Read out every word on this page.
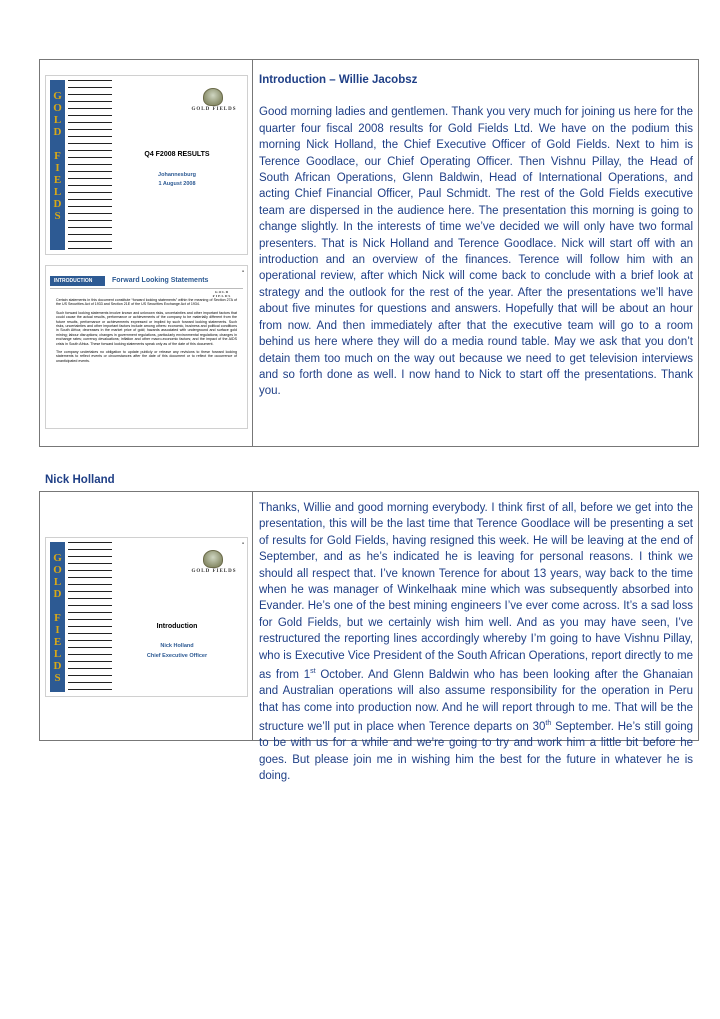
G
O
L
D

F
I
E
L
D
S
GOLD FIELDS
Q4 F2008 RESULTS
Johannesburg
1 August 2008
■
INTRODUCTION	Forward Looking Statements
GOLD FIELDS

Certain statements in this document constitute “forward looking statements” within the meaning of Section 27A of the US Securities Act of 1933 and Section 21E of the US Securities Exchange Act of 1934.

Such forward looking statements involve known and unknown risks, uncertainties and other important factors that could cause the actual results, performance or achievements of the company to be materially different from the future results, performance or achievements expressed or implied by such forward looking statements. Such risks, uncertainties and other important factors include among others: economic, business and political conditions in South Africa; decreases in the market price of gold; hazards associated with underground and surface gold mining; labour disruptions; changes in government regulations, particularly environmental regulations; changes in exchange rates; currency devaluations; inflation and other macro-economic factors; and the impact of the AIDS crisis in South Africa. These forward looking statements speak only as of the date of this document.

The company undertakes no obligation to update publicly or release any revisions to these forward looking statements to reflect events or circumstances after the date of this document or to reflect the occurrence of unanticipated events.

Introduction – Willie Jacobsz
Good morning ladies and gentlemen. Thank you very much for joining us here for the quarter four fiscal 2008 results for Gold Fields Ltd. We have on the podium this morning Nick Holland, the Chief Executive Officer of Gold Fields. Next to him is Terence Goodlace, our Chief Operating Officer. Then Vishnu Pillay, the Head of South African Operations, Glenn Baldwin, Head of International Operations, and acting Chief Financial Officer, Paul Schmidt. The rest of the Gold Fields executive team are dispersed in the audience here. The presentation this morning is going to change slightly. In the interests of time we’ve decided we will only have two formal presenters. That is Nick Holland and Terence Goodlace. Nick will start off with an introduction and an overview of the finances. Terence will follow him with an operational review, after which Nick will come back to conclude with a brief look at strategy and the outlook for the rest of the year. After the presentations we’ll have about five minutes for questions and answers. Hopefully that will be about an hour from now. And then immediately after that the executive team will go to a room behind us here where they will do a media round table. May we ask that you don’t detain them too much on the way out because we need to get television interviews and so forth done as well. I now hand to Nick to start off the presentations. Thank you.
Nick Holland
■
G
O
L
D

F
I
E
L
D
S
GOLD FIELDS
Introduction
Nick Holland
Chief Executive Officer
Thanks, Willie and good morning everybody. I think first of all, before we get into the presentation, this will be the last time that Terence Goodlace will be presenting a set of results for Gold Fields, having resigned this week. He will be leaving at the end of September, and as he’s indicated he is leaving for personal reasons. I think we should all respect that. I’ve known Terence for about 13 years, way back to the time when he was manager of Winkelhaak mine which was subsequently absorbed into Evander. He’s one of the best mining engineers I’ve ever come across. It’s a sad loss for Gold Fields, but we certainly wish him well. And as you may have seen, I’ve restructured the reporting lines accordingly whereby I’m going to have Vishnu Pillay, who is Executive Vice President of the South African Operations, report directly to me as from 1st October. And Glenn Baldwin who has been looking after the Ghanaian and Australian operations will also assume responsibility for the operation in Peru that has come into production now. And he will report through to me. That will be the structure we’ll put in place when Terence departs on 30th September. He’s still going to be with us for a while and we’re going to try and work him a little bit before he goes. But please join me in wishing him the best for the future in whatever he is doing.
